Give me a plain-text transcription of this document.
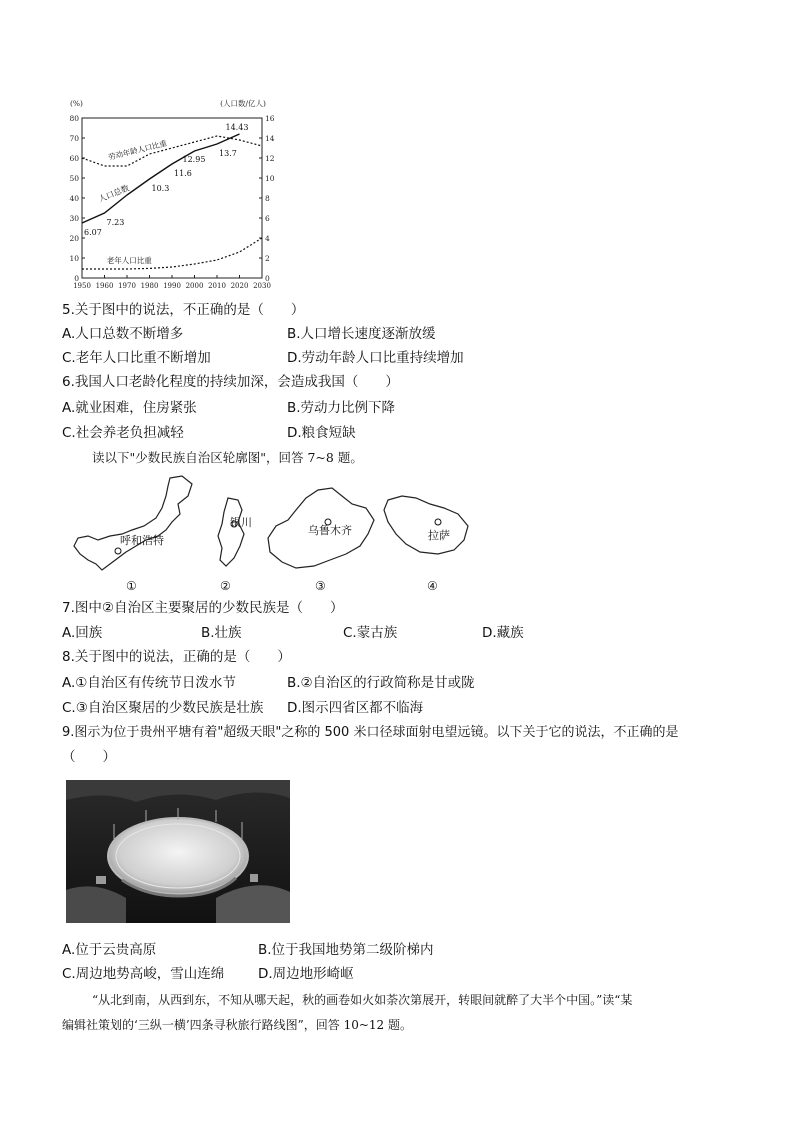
0
10
20
30
40
50
60
70
80
0
2
4
6
8
10
12
14
16
1950 1960 1970 1980 1990 2000 2010 2020 2030
(%)	(人口数/亿人)
6.07
7.23
10.3
11.6
12.95
13.7
14.43
人口总数
劳动年龄人口比重
老年人口比重
5.关于图中的说法，不正确的是（　　）
A.人口总数不断增多	B.人口增长速度逐渐放缓
C.老年人口比重不断增加	D.劳动年龄人口比重持续增加
6.我国人口老龄化程度的持续加深，会造成我国（　　）
A.就业困难，住房紧张	B.劳动力比例下降
C.社会养老负担减轻	D.粮食短缺
读以下"少数民族自治区轮廓图"，回答 7~8 题。
呼和浩特
银川
乌鲁木齐	拉萨
①	②	③	④
7.图中②自治区主要聚居的少数民族是（　　）
A.回族	B.壮族	C.蒙古族	D.藏族
8.关于图中的说法，正确的是（　　）
A.①自治区有传统节日泼水节	B.②自治区的行政简称是甘或陇
C.③自治区聚居的少数民族是壮族 D.图示四省区都不临海
9.图示为位于贵州平塘有着"超级天眼"之称的 500 米口径球面射电望远镜。以下关于它的说法，不正确的是
（　　）
A.位于云贵高原	B.位于我国地势第二级阶梯内
C.周边地势高峻，雪山连绵	D.周边地形崎岖
“从北到南，从西到东，不知从哪天起，秋的画卷如火如荼次第展开，转眼间就醉了大半个中国。”读“某
编辑社策划的‘三纵一横’四条寻秋旅行路线图”，回答 10~12 题。
